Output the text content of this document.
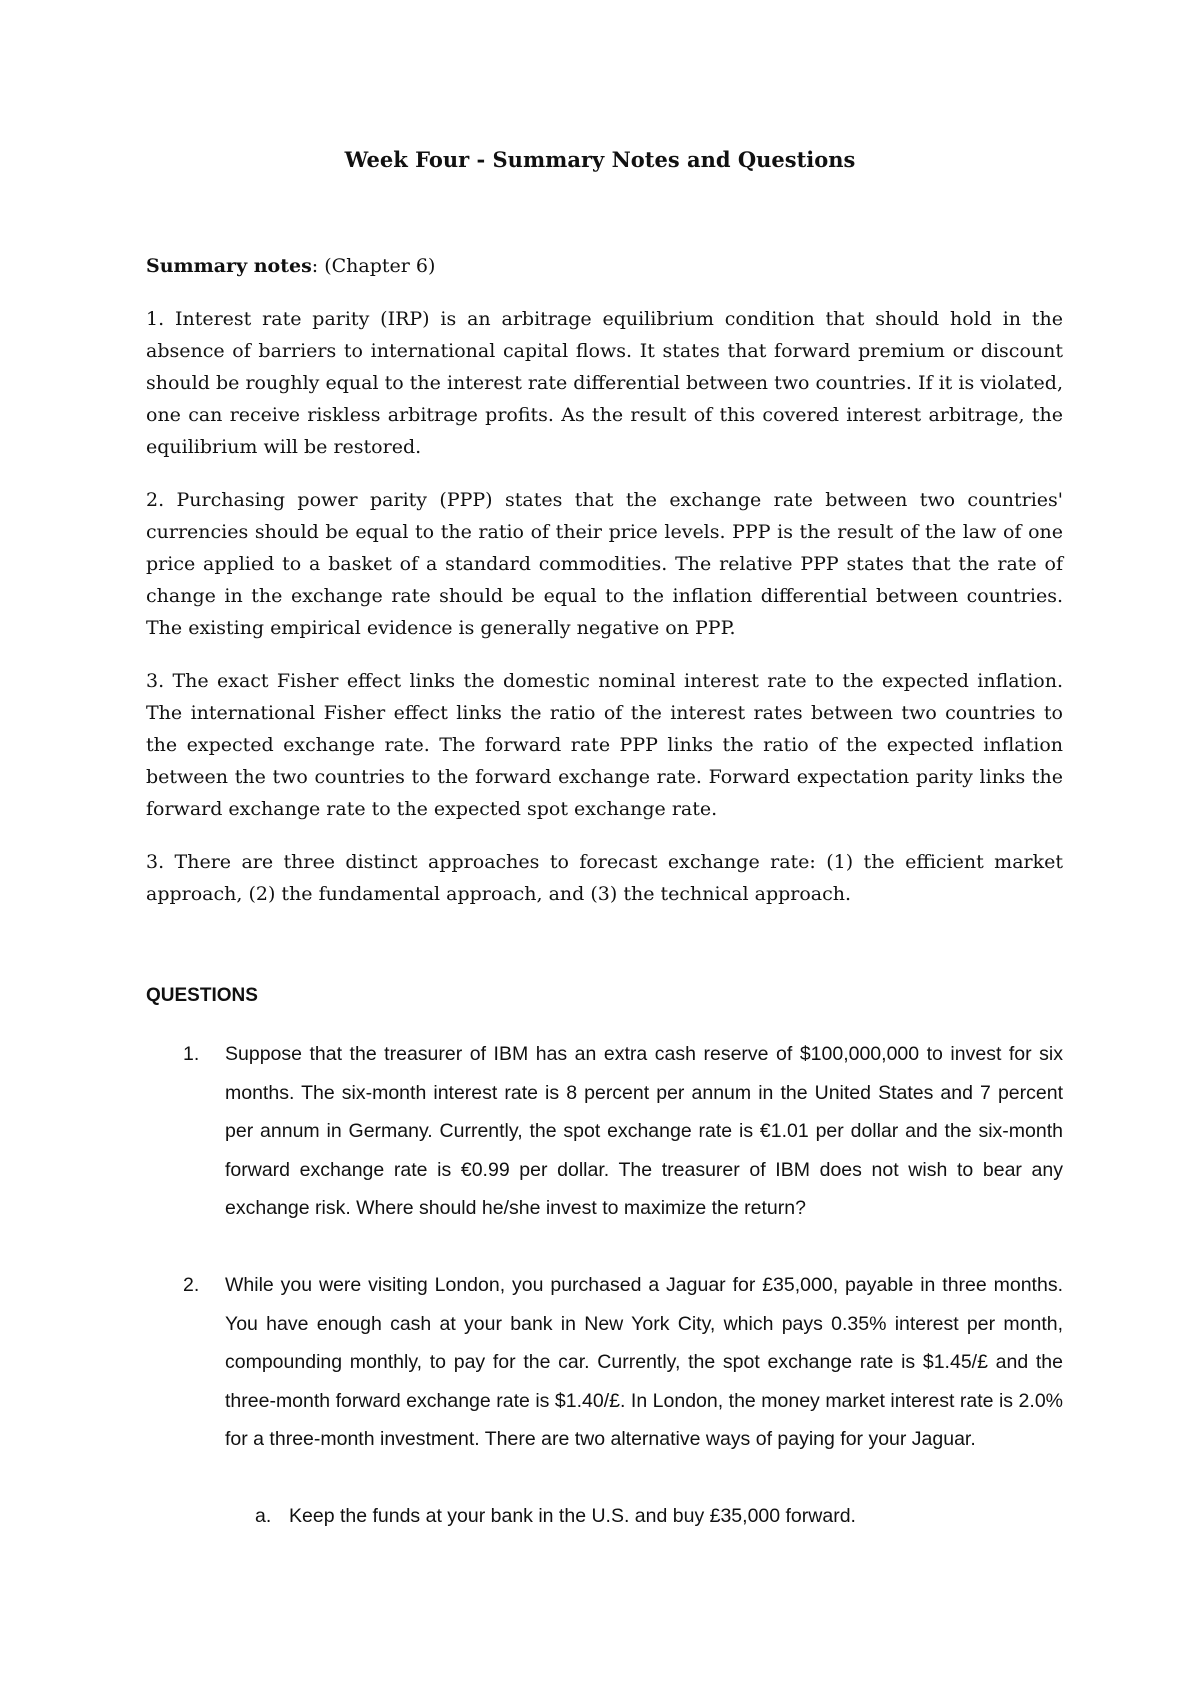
Week Four - Summary Notes and Questions

Summary notes: (Chapter 6)

1. Interest rate parity (IRP) is an arbitrage equilibrium condition that should hold in the absence of barriers to international capital flows. It states that forward premium or discount should be roughly equal to the interest rate differential between two countries. If it is violated, one can receive riskless arbitrage profits. As the result of this covered interest arbitrage, the equilibrium will be restored.

2. Purchasing power parity (PPP) states that the exchange rate between two countries' currencies should be equal to the ratio of their price levels. PPP is the result of the law of one price applied to a basket of a standard commodities. The relative PPP states that the rate of change in the exchange rate should be equal to the inflation differential between countries. The existing empirical evidence is generally negative on PPP.

3. The exact Fisher effect links the domestic nominal interest rate to the expected inflation. The international Fisher effect links the ratio of the interest rates between two countries to the expected exchange rate. The forward rate PPP links the ratio of the expected inflation between the two countries to the forward exchange rate. Forward expectation parity links the forward exchange rate to the expected spot exchange rate.

3. There are three distinct approaches to forecast exchange rate: (1) the efficient market approach, (2) the fundamental approach, and (3) the technical approach.

QUESTIONS
1. Suppose that the treasurer of IBM has an extra cash reserve of $100,000,000 to invest for six months. The six-month interest rate is 8 percent per annum in the United States and 7 percent per annum in Germany. Currently, the spot exchange rate is €1.01 per dollar and the six-month forward exchange rate is €0.99 per dollar. The treasurer of IBM does not wish to bear any exchange risk. Where should he/she invest to maximize the return?
2. While you were visiting London, you purchased a Jaguar for £35,000, payable in three months. You have enough cash at your bank in New York City, which pays 0.35% interest per month, compounding monthly, to pay for the car. Currently, the spot exchange rate is $1.45/£ and the three-month forward exchange rate is $1.40/£. In London, the money market interest rate is 2.0% for a three-month investment. There are two alternative ways of paying for your Jaguar.
a. Keep the funds at your bank in the U.S. and buy £35,000 forward.
